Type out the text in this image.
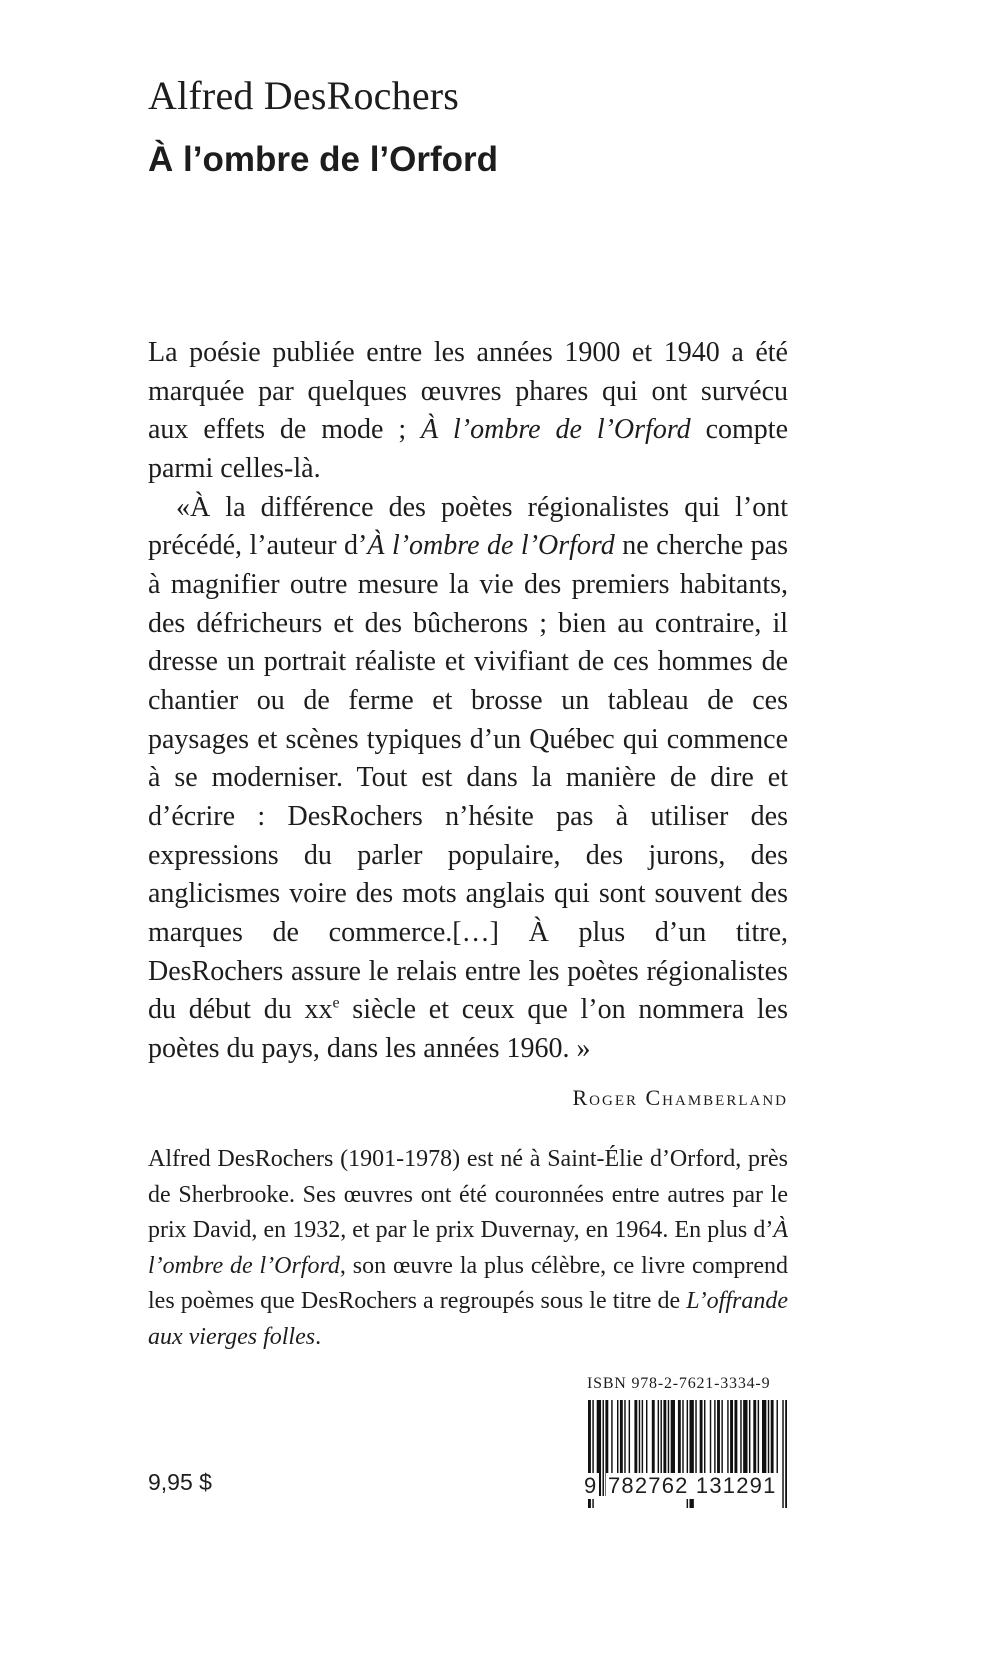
Alfred DesRochers
À l’ombre de l’Orford

La poésie publiée entre les années 1900 et 1940 a été marquée par quelques œuvres phares qui ont survécu aux effets de mode ; À l’ombre de l’Orford compte parmi celles-là.

«À la différence des poètes régionalistes qui l’ont précédé, l’auteur d’À l’ombre de l’Orford ne cherche pas à magnifier outre mesure la vie des premiers habitants, des défricheurs et des bûcherons ; bien au contraire, il dresse un portrait réaliste et vivifiant de ces hommes de chantier ou de ferme et brosse un tableau de ces paysages et scènes typiques d’un Québec qui commence à se moderniser. Tout est dans la manière de dire et d’écrire : DesRochers n’hésite pas à utiliser des expressions du parler populaire, des jurons, des anglicismes voire des mots anglais qui sont souvent des marques de commerce.[…] À plus d’un titre, DesRochers assure le relais entre les poètes régionalistes du début du $xx^e$ siècle et ceux que l’on nommera les poètes du pays, dans les années 1960. »

Roger Chamberland
Alfred DesRochers (1901-1978) est né à Saint-Élie d’Orford, près de Sherbrooke. Ses œuvres ont été couronnées entre autres par le prix David, en 1932, et par le prix Duvernay, en 1964. En plus d’À l’ombre de l’Orford, son œuvre la plus célèbre, ce livre comprend les poèmes que DesRochers a regroupés sous le titre de L’offrande aux vierges folles.
ISBN 978-2-7621-3334-9
9 782762 131291
9,95 $
